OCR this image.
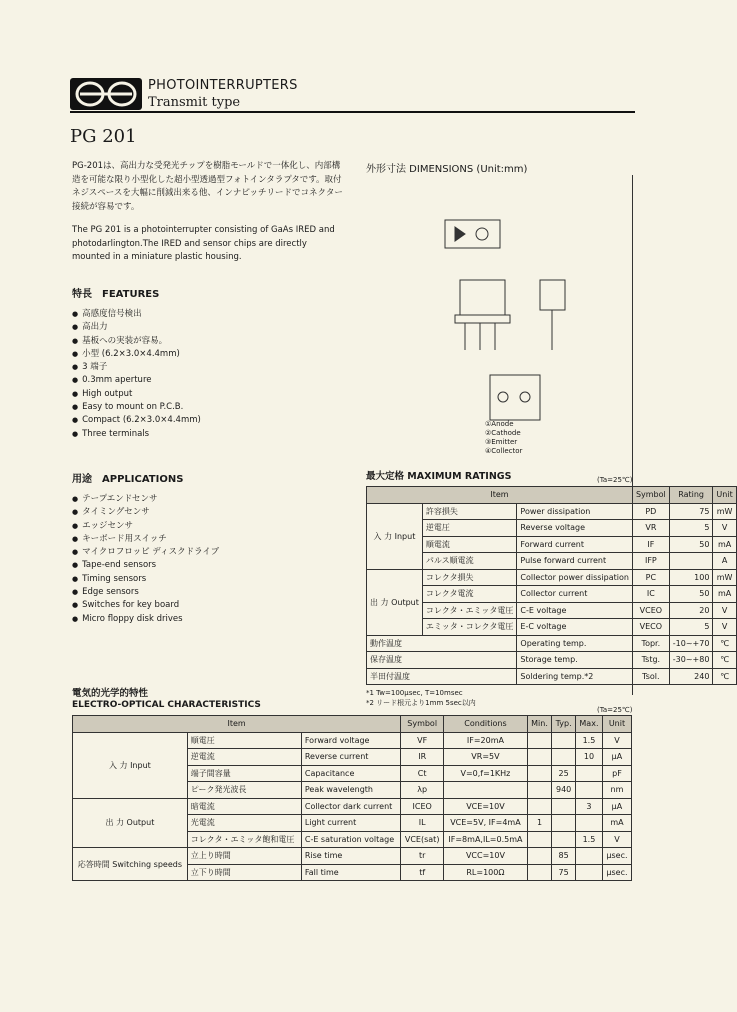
PHOTOINTERRUPTERS
Transmit type
PG 201

PG-201は、高出力な受発光チップを樹脂モールドで一体化し、内部構造を可能な限り小型化した超小型透過型フォトインタラプタです。取付ネジスペースを大幅に削減出来る他、インナピッチリードでコネクター接続が容易です。

The PG 201 is a photointerrupter consisting of GaAs IRED and photodarlington.The IRED and sensor chips are directly mounted in a miniature plastic housing.

特長　FEATURES
● 高感度信号検出
● 高出力
● 基板への実装が容易。
● 小型 (6.2×3.0×4.4mm)
● 3 端子
● 0.3mm aperture
● High output
● Easy to mount on P.C.B.
● Compact (6.2×3.0×4.4mm)
● Three terminals
用途　APPLICATIONS
● テープエンドセンサ
● タイミングセンサ
● エッジセンサ
● キーボード用スイッチ
● マイクロフロッピ ディスクドライブ
● Tape-end sensors
● Timing sensors
● Edge sensors
● Switches for key board
● Micro floppy disk drives
外形寸法 DIMENSIONS (Unit:mm)
①Anode
②Cathode
③Emitter
④Collector
最大定格 MAXIMUM RATINGS	(Ta=25℃)
Item			Symbol	Rating	Unit
入 力 Input	許容損失	Power dissipation	PD	75	mW
	逆電圧	Reverse voltage	VR	5	V
	順電流	Forward current	IF	50	mA
	パルス順電流	Pulse forward current	IFP		A
出 力 Output	コレクタ損失	Collector power dissipation	PC	100	mW
	コレクタ電流	Collector current	IC	50	mA
	コレクタ・エミッタ電圧	C-E voltage	VCEO	20	V
	エミッタ・コレクタ電圧	E-C voltage	VECO	5	V
動作温度		Operating temp.	Topr.	-10~+70	℃
保存温度		Storage temp.	Tstg.	-30~+80	℃
半田付温度		Soldering temp.*2	Tsol.	240	℃
*1 Tw=100μsec, T=10msec
*2 リード根元より1mm 5sec以内
電気的光学的特性
ELECTRO-OPTICAL CHARACTERISTICS	(Ta=25℃)
Item			Symbol	Conditions	Min.	Typ.	Max.	Unit
入 力 Input	順電圧	Forward voltage	VF	IF=20mA			1.5	V
	逆電流	Reverse current	IR	VR=5V			10	μA
	端子間容量	Capacitance	Ct	V=0,f=1KHz		25		pF
	ピーク発光波長	Peak wavelength	λp			940		nm
出 力 Output	暗電流	Collector dark current	ICEO	VCE=10V			3	μA
	光電流	Light current	IL	VCE=5V, IF=4mA	1			mA
	コレクタ・エミッタ飽和電圧	C-E saturation voltage	VCE(sat)	IF=8mA,IL=0.5mA			1.5	V
応答時間 Switching speeds	立上り時間	Rise time	tr	VCC=10V		85		μsec.
	立下り時間	Fall time	tf	RL=100Ω		75		μsec.
